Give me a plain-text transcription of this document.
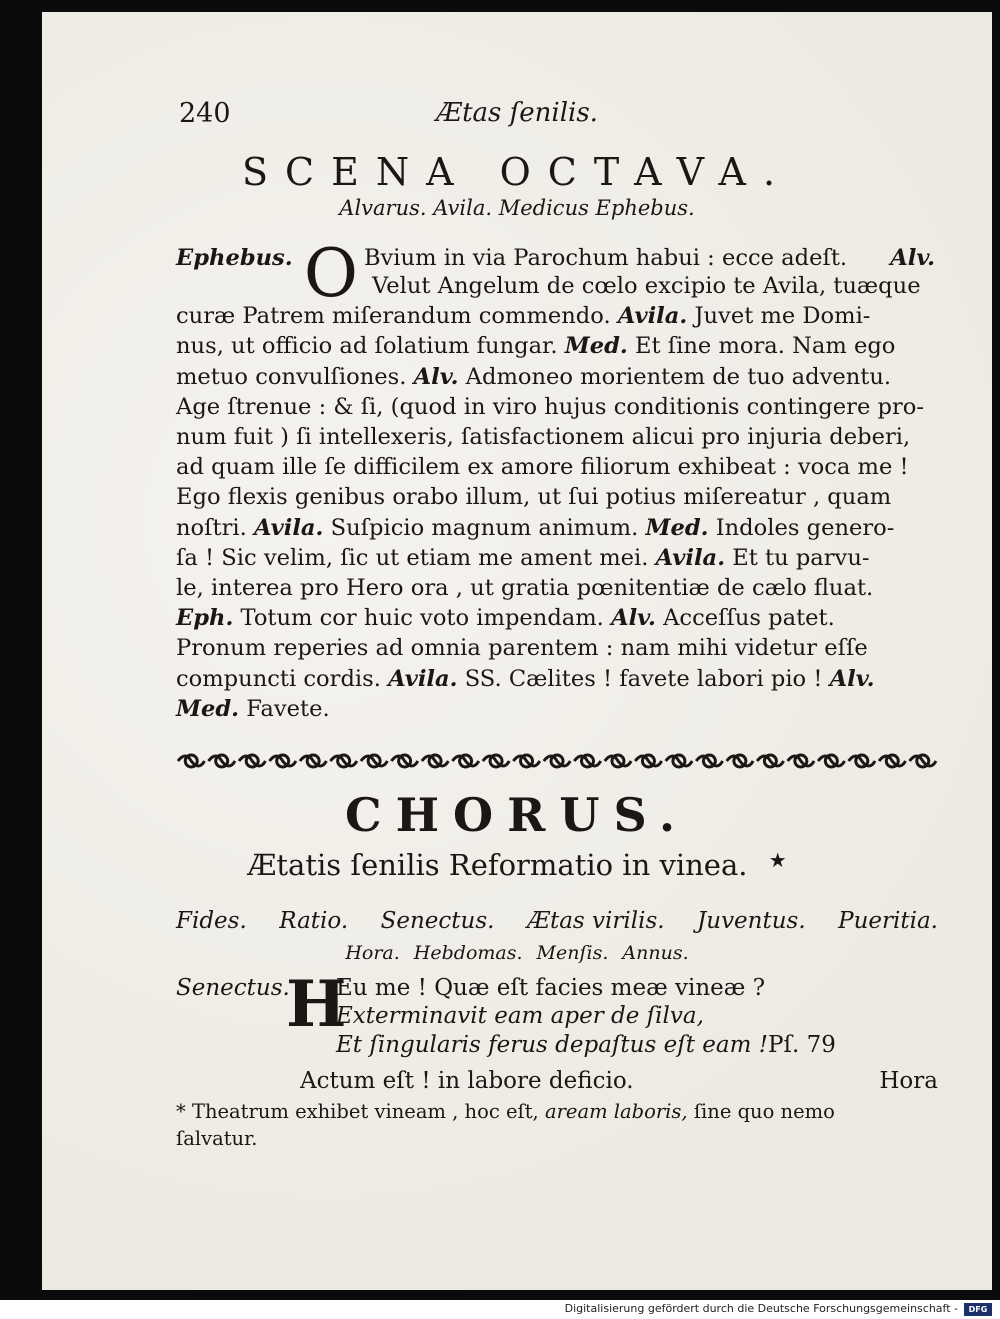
240	Ætas ſenilis.
SCENA OCTAVA.
Alvarus. Avila. Medicus Ephebus.
Ephebus. O Bvium in via Parochum habui : ecce adeſt. Alv.
Velut Angelum de cœlo excipio te Avila, tuæque
curæ Patrem miſerandum commendo. Avila. Juvet me Domi-
nus, ut officio ad ſolatium fungar. Med. Et ſine mora. Nam ego
metuo convulſiones. Alv. Admoneo morientem de tuo adventu.
Age ſtrenue : & ſi, (quod in viro hujus conditionis contingere pro-
num fuit ) ſi intellexeris, ſatisfactionem alicui pro injuria deberi,
ad quam ille ſe difficilem ex amore filiorum exhibeat : voca me !
Ego flexis genibus orabo illum, ut ſui potius miſereatur , quam
noſtri. Avila. Suſpicio magnum animum. Med. Indoles genero-
ſa ! Sic velim, ſic ut etiam me ament mei. Avila. Et tu parvu-
le, interea pro Hero ora , ut gratia pœnitentiæ de cælo fluat.
Eph. Totum cor huic voto impendam. Alv. Acceſſus patet.
Pronum reperies ad omnia parentem : nam mihi videtur eſſe
compuncti cordis. Avila. SS. Cælites ! favete labori pio ! Alv.
Med. Favete.
CHORUS.
Ætatis ſenilis Reformatio in vinea. ★
Fides. Ratio. Senectus. Ætas virilis. Juventus. Pueritia.
Hora. Hebdomas. Menſis. Annus.
Senectus.
H
Eu me ! Quæ eſt facies meæ vineæ ?
Exterminavit eam aper de ſilva,
Et ſingularis ferus depaſtus eſt eam !Pſ. 79
Actum eſt ! in labore deficio.	Hora
* Theatrum exhibet vineam , hoc eſt, aream laboris, ſine quo nemo
ſalvatur.
Digitalisierung gefördert durch die Deutsche Forschungsgemeinschaft -	DFG
